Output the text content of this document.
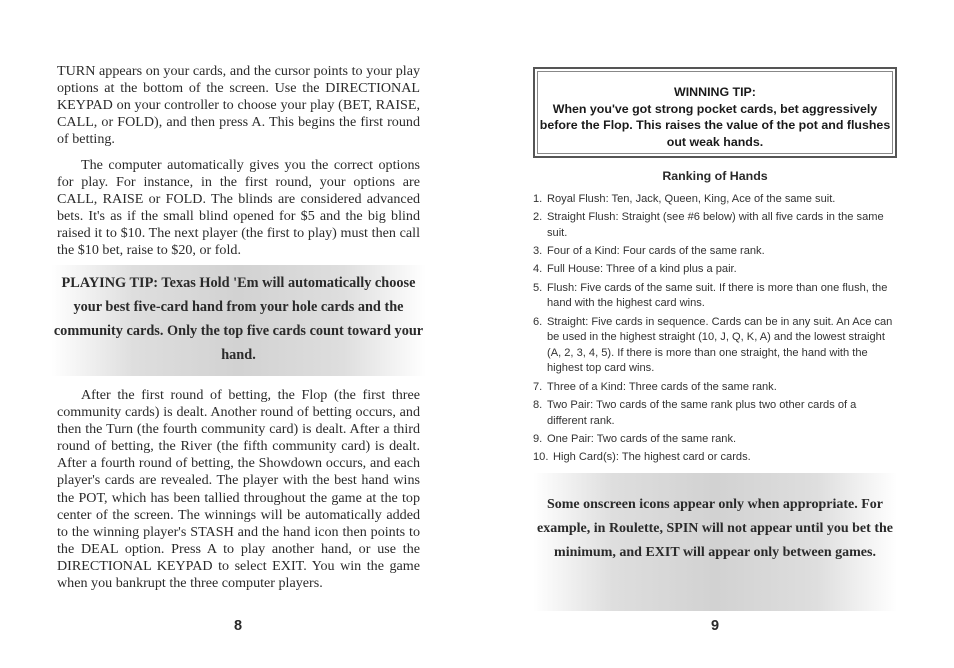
TURN appears on your cards, and the cursor points to your play options at the bottom of the screen. Use the DIRECTIONAL KEYPAD on your controller to choose your play (BET, RAISE, CALL, or FOLD), and then press A. This begins the first round of betting.

The computer automatically gives you the correct options for play. For instance, in the first round, your options are CALL, RAISE or FOLD. The blinds are considered advanced bets. It's as if the small blind opened for $5 and the big blind raised it to $10. The next player (the first to play) must then call the $10 bet, raise to $20, or fold.

PLAYING TIP: Texas Hold 'Em will automatically choose your best five-card hand from your hole cards and the community cards. Only the top five cards count toward your hand.

After the first round of betting, the Flop (the first three community cards) is dealt. Another round of betting occurs, and then the Turn (the fourth community card) is dealt. After a third round of betting, the River (the fifth community card) is dealt. After a fourth round of betting, the Showdown occurs, and each player's cards are revealed. The player with the best hand wins the POT, which has been tallied throughout the game at the top center of the screen. The winnings will be automatically added to the winning player's STASH and the hand icon then points to the DEAL option. Press A to play another hand, or use the DIRECTIONAL KEYPAD to select EXIT. You win the game when you bankrupt the three computer players.

WINNING TIP:
When you've got strong pocket cards, bet aggressively before the Flop. This raises the value of the pot and flushes out weak hands.
Ranking of Hands
1. Royal Flush: Ten, Jack, Queen, King, Ace of the same suit.
2. Straight Flush: Straight (see #6 below) with all five cards in the same suit.
3. Four of a Kind: Four cards of the same rank.
4. Full House: Three of a kind plus a pair.
5. Flush: Five cards of the same suit. If there is more than one flush, the hand with the highest card wins.
6. Straight: Five cards in sequence. Cards can be in any suit. An Ace can be used in the highest straight (10, J, Q, K, A) and the lowest straight (A, 2, 3, 4, 5). If there is more than one straight, the hand with the highest top card wins.
7. Three of a Kind: Three cards of the same rank.
8. Two Pair: Two cards of the same rank plus two other cards of a different rank.
9. One Pair: Two cards of the same rank.
10. High Card(s): The highest card or cards.
Some onscreen icons appear only when appropriate. For example, in Roulette, SPIN will not appear until you bet the minimum, and EXIT will appear only between games.
8	9
